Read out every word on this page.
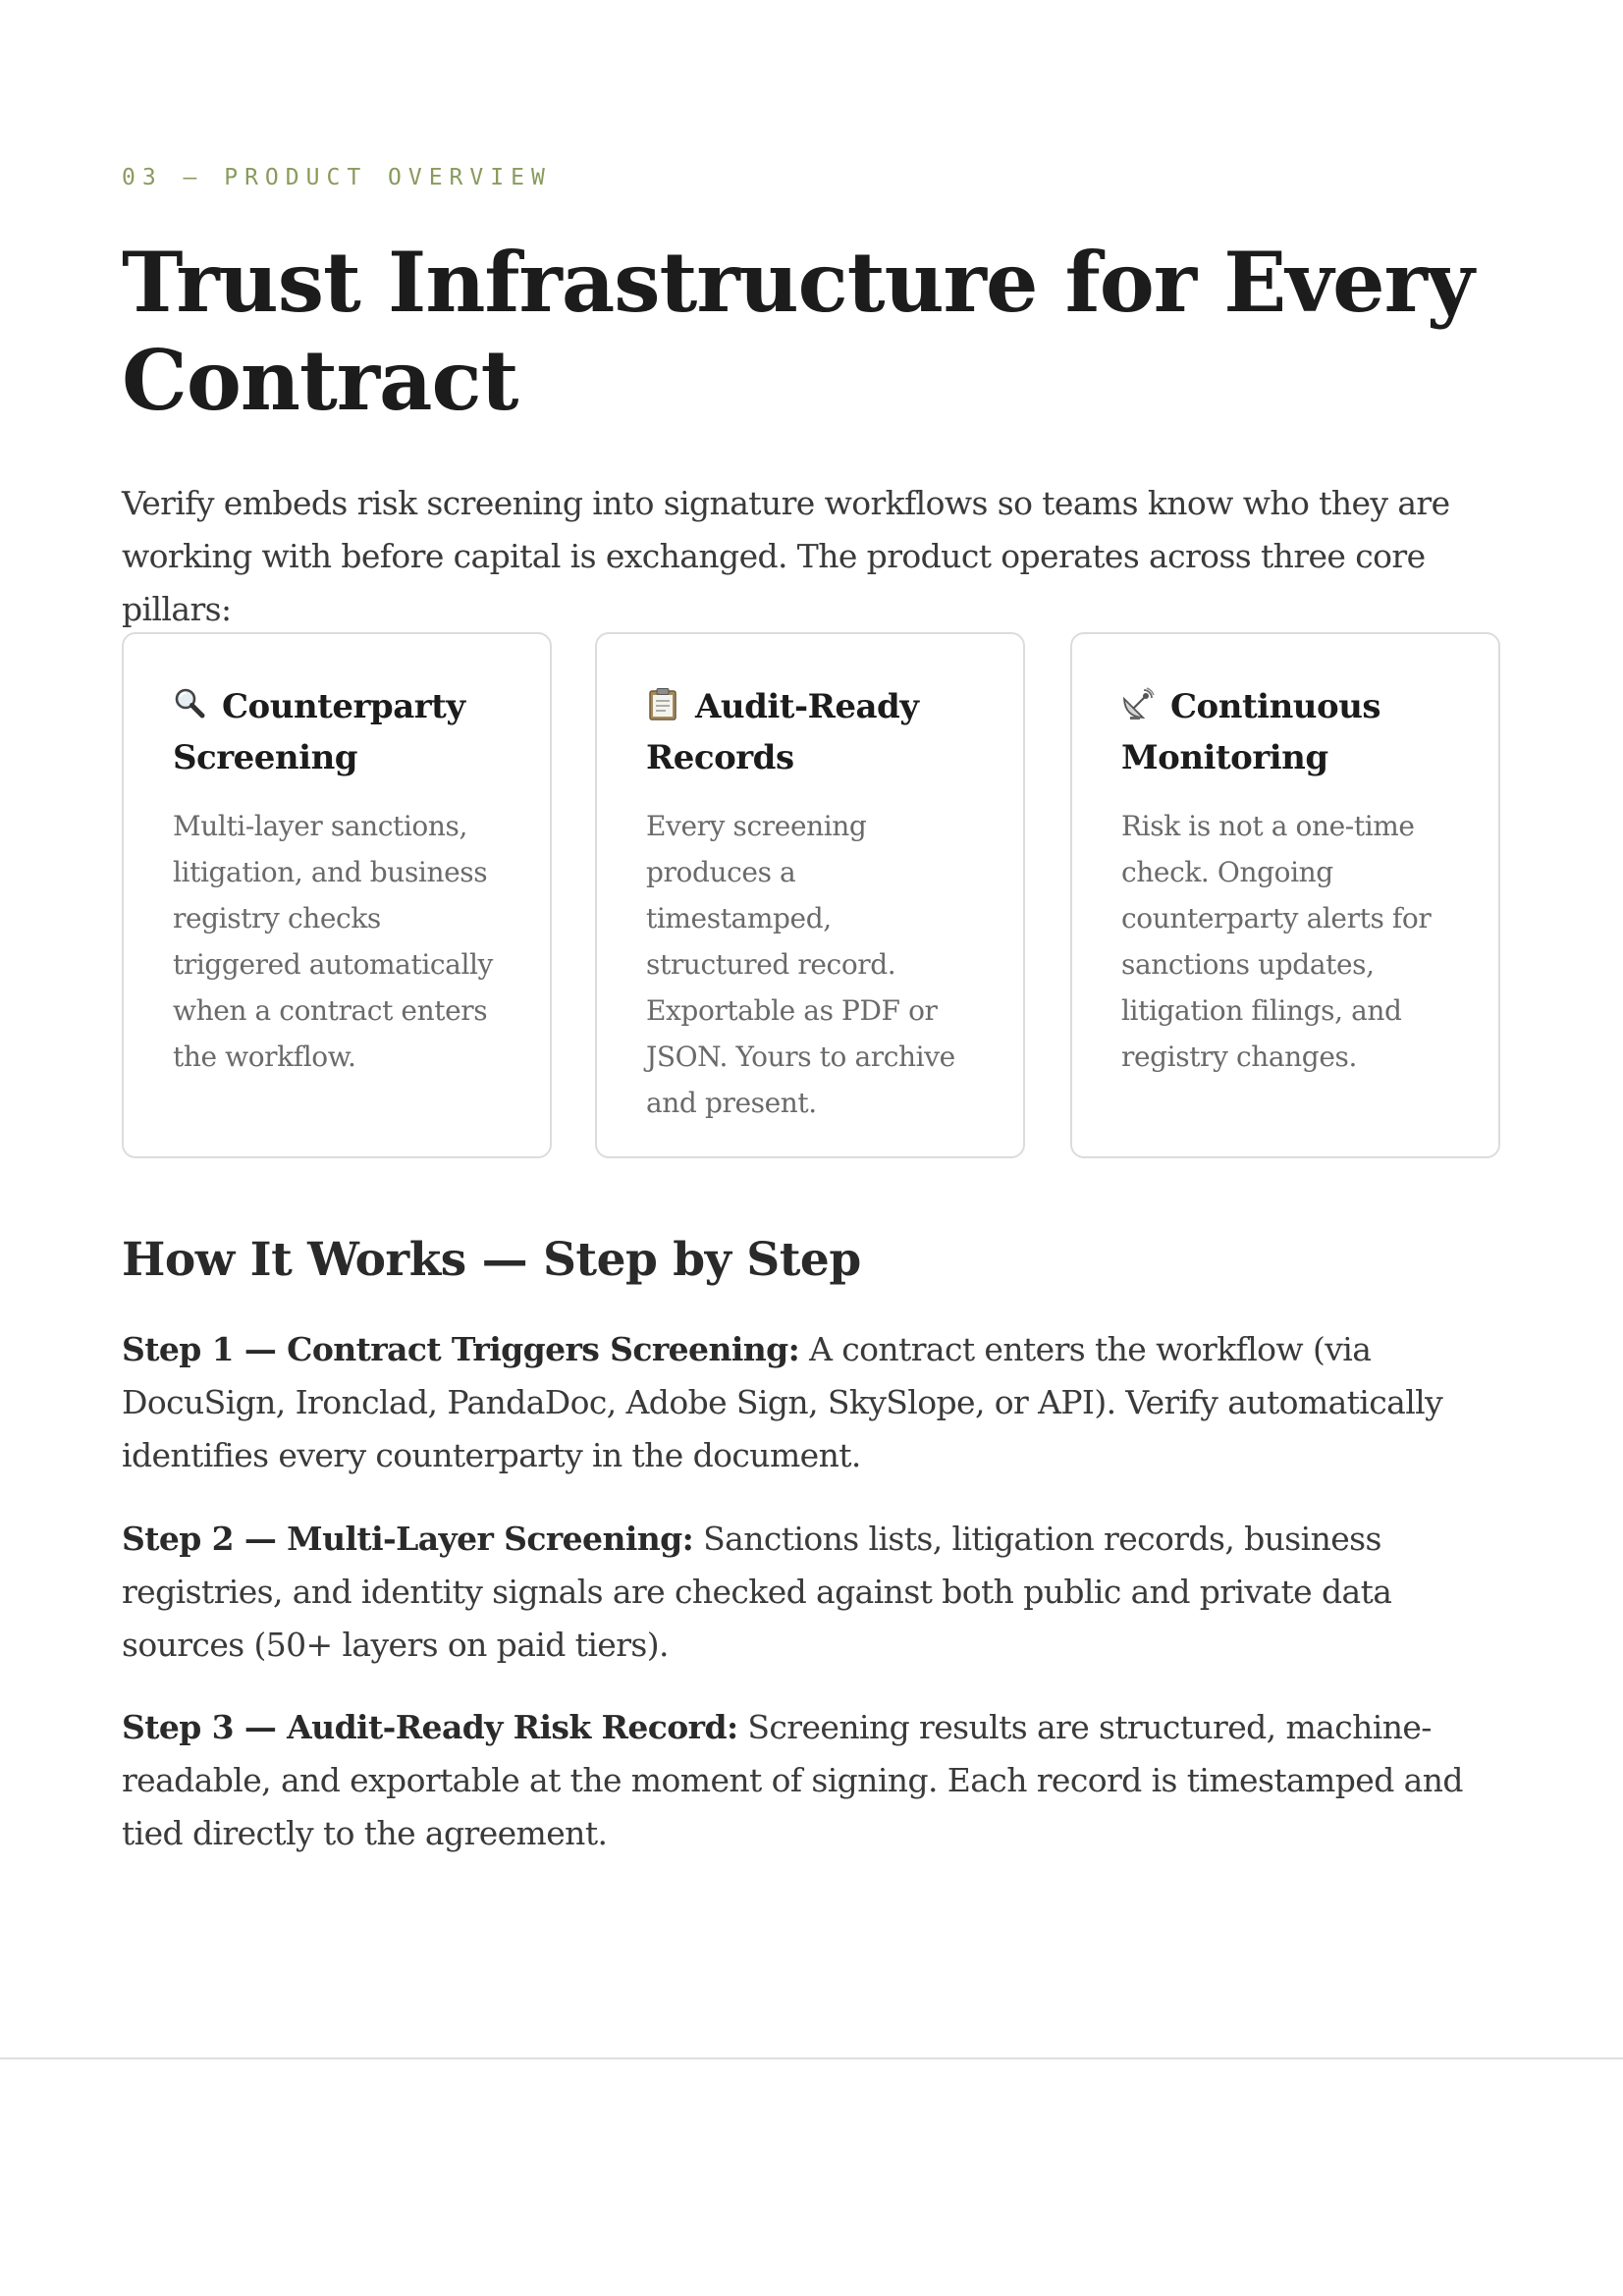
03 — PRODUCT OVERVIEW
Trust Infrastructure for Every Contract

Verify embeds risk screening into signature workflows so teams know who they are working with before capital is exchanged. The product operates across three core pillars:

Counterparty Screening

Multi-layer sanctions, litigation, and business registry checks triggered automatically when a contract enters the workflow.

Audit-Ready Records

Every screening produces a timestamped, structured record. Exportable as PDF or JSON. Yours to archive and present.

Continuous Monitoring

Risk is not a one-time check. Ongoing counterparty alerts for sanctions updates, litigation filings, and registry changes.

How It Works — Step by Step

Step 1 — Contract Triggers Screening: A contract enters the workflow (via DocuSign, Ironclad, PandaDoc, Adobe Sign, SkySlope, or API). Verify automatically identifies every counterparty in the document.

Step 2 — Multi-Layer Screening: Sanctions lists, litigation records, business registries, and identity signals are checked against both public and private data sources (50+ layers on paid tiers).

Step 3 — Audit-Ready Risk Record: Screening results are structured, machine-readable, and exportable at the moment of signing. Each record is timestamped and tied directly to the agreement.
